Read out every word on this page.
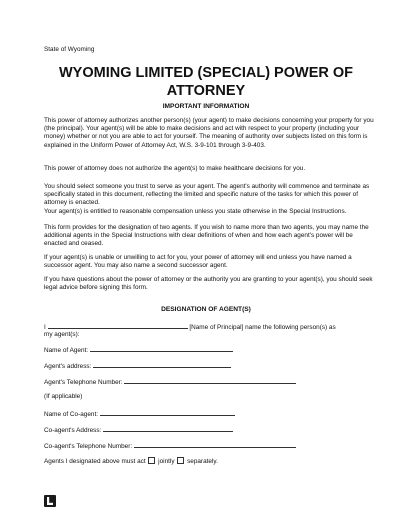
State of Wyoming
WYOMING LIMITED (SPECIAL) POWER OF
ATTORNEY
IMPORTANT INFORMATION
This power of attorney authorizes another person(s) (your agent) to make decisions concerning your property for you (the principal). Your agent(s) will be able to make decisions and act with respect to your property (including your money) whether or not you are able to act for yourself. The meaning of authority over subjects listed on this form is explained in the Uniform Power of Attorney Act, W.S. 3-9-101 through 3-9-403.
This power of attorney does not authorize the agent(s) to make healthcare decisions for you.
You should select someone you trust to serve as your agent. The agent's authority will commence and terminate as specifically stated in this document, reflecting the limited and specific nature of the tasks for which this power of attorney is enacted.
Your agent(s) is entitled to reasonable compensation unless you state otherwise in the Special Instructions.
This form provides for the designation of two agents. If you wish to name more than two agents, you may name the additional agents in the Special Instructions with clear definitions of when and how each agent's power will be enacted and ceased.
If your agent(s) is unable or unwilling to act for you, your power of attorney will end unless you have named a successor agent. You may also name a second successor agent.
If you have questions about the power of attorney or the authority you are granting to your agent(s), you should seek legal advice before signing this form.
DESIGNATION OF AGENT(S)
I	[Name of Principal] name the following person(s) as
my agent(s):
Name of Agent:
Agent's address:
Agent's Telephone Number:
(If applicable)
Name of Co-agent:
Co-agent's Address:
Co-agent's Telephone Number:
Agents I designated above must act jointly separately.
